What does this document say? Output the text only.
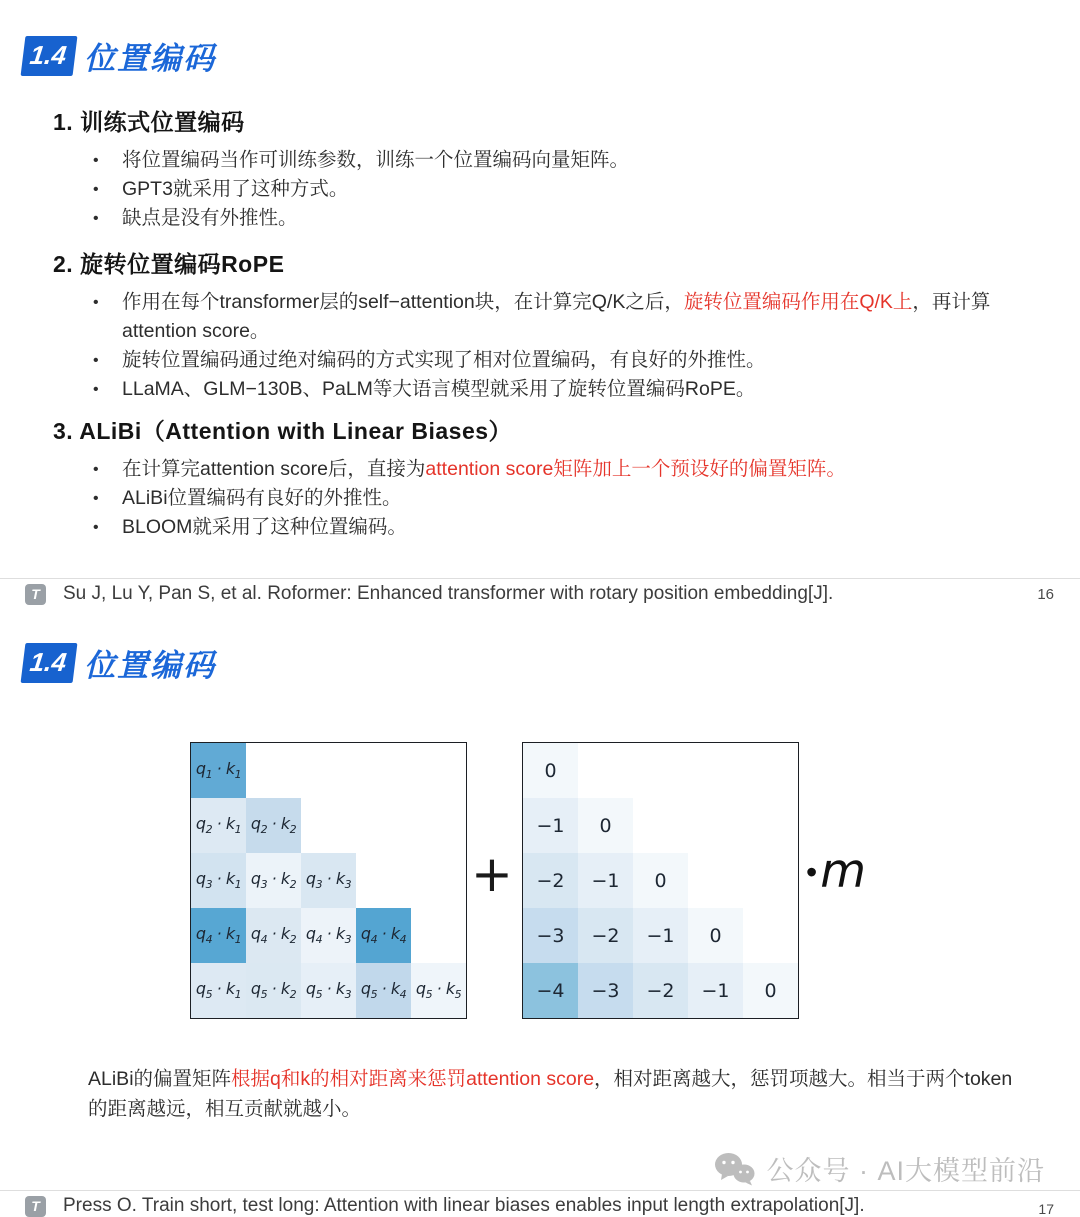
1.4 位置编码
1. 训练式位置编码
•	将位置编码当作可训练参数，训练一个位置编码向量矩阵。
•	GPT3就采用了这种方式。
•	缺点是没有外推性。
2. 旋转位置编码RoPE
•	作用在每个transformer层的self−attention块，在计算完Q/K之后，旋转位置编码作用在Q/K上，再计算attention score。
•	旋转位置编码通过绝对编码的方式实现了相对位置编码，有良好的外推性。
•	LLaMA、GLM−130B、PaLM等大语言模型就采用了旋转位置编码RoPE。
3. ALiBi（Attention with Linear Biases）
•	在计算完attention score后，直接为attention score矩阵加上一个预设好的偏置矩阵。
•	ALiBi位置编码有良好的外推性。
•	BLOOM就采用了这种位置编码。
T	Su J, Lu Y, Pan S, et al. Roformer: Enhanced transformer with rotary position embedding[J].	16
1.4 位置编码
$q_1 \cdot k_1$
$q_2 \cdot k_1$ $q_2 \cdot k_2$
$q_3 \cdot k_1$ $q_3 \cdot k_2$ $q_3 \cdot k_3$
$q_4 \cdot k_1$ $q_4 \cdot k_2$ $q_4 \cdot k_3$ $q_4 \cdot k_4$
$q_5 \cdot k_1$ $q_5 \cdot k_2$ $q_5 \cdot k_3$ $q_5 \cdot k_4$ $q_5 \cdot k_5$
+
0
−1 0
−2 −1 0
−3 −2 −1 0
−4 −3 −2 −1 0
• m
ALiBi的偏置矩阵根据q和k的相对距离来惩罚attention score，相对距离越大，惩罚项越大。相当于两个token的距离越远，相互贡献就越小。
公众号 · AI大模型前沿
T	Press O. Train short, test long: Attention with linear biases enables input length extrapolation[J].	17
